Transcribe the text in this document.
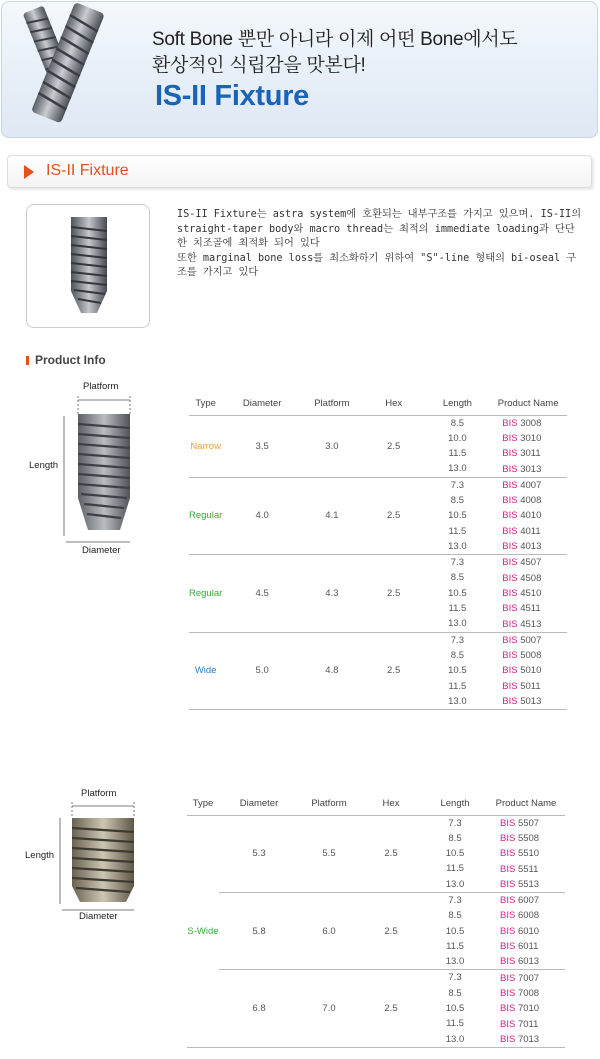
Soft Bone 뿐만 아니라 이제 어떤 Bone에서도
환상적인 식립감을 맛본다!
IS-II Fixture
IS-II Fixture

IS-II Fixture는 astra system에 호환되는 내부구조를 가지고 있으며. IS-II의 straight-taper body와 macro thread는 최적의 immediate loading과 단단한 치조골에 최적화 되어 있다

또한 marginal bone loss를 최소화하기 위하여 "S"-line 형태의 bi-oseal 구조를 가지고 있다

Product Info
Platform
Length
Diameter
Type	Diameter	Platform	Hex	Length	Product Name
Narrow	3.5	3.0	2.5	8.5	BIS 3008
				10.0	BIS 3010
				11.5	BIS 3011
				13.0	BIS 3013
Regular	4.0	4.1	2.5	7.3	BIS 4007
				8.5	BIS 4008
				10.5	BIS 4010
				11.5	BIS 4011
				13.0	BIS 4013
Regular	4.5	4.3	2.5	7.3	BIS 4507
				8.5	BIS 4508
				10.5	BIS 4510
				11.5	BIS 4511
				13.0	BIS 4513
Wide	5.0	4.8	2.5	7.3	BIS 5007
				8.5	BIS 5008
				10.5	BIS 5010
				11.5	BIS 5011
				13.0	BIS 5013
Platform
Length
Diameter
Type	Diameter	Platform	Hex	Length	Product Name
S-Wide	5.3	5.5	2.5	7.3	BIS 5507
				8.5	BIS 5508
				10.5	BIS 5510
				11.5	BIS 5511
				13.0	BIS 5513
	5.8	6.0	2.5	7.3	BIS 6007
				8.5	BIS 6008
				10.5	BIS 6010
				11.5	BIS 6011
				13.0	BIS 6013
	6.8	7.0	2.5	7.3	BIS 7007
				8.5	BIS 7008
				10.5	BIS 7010
				11.5	BIS 7011
				13.0	BIS 7013
